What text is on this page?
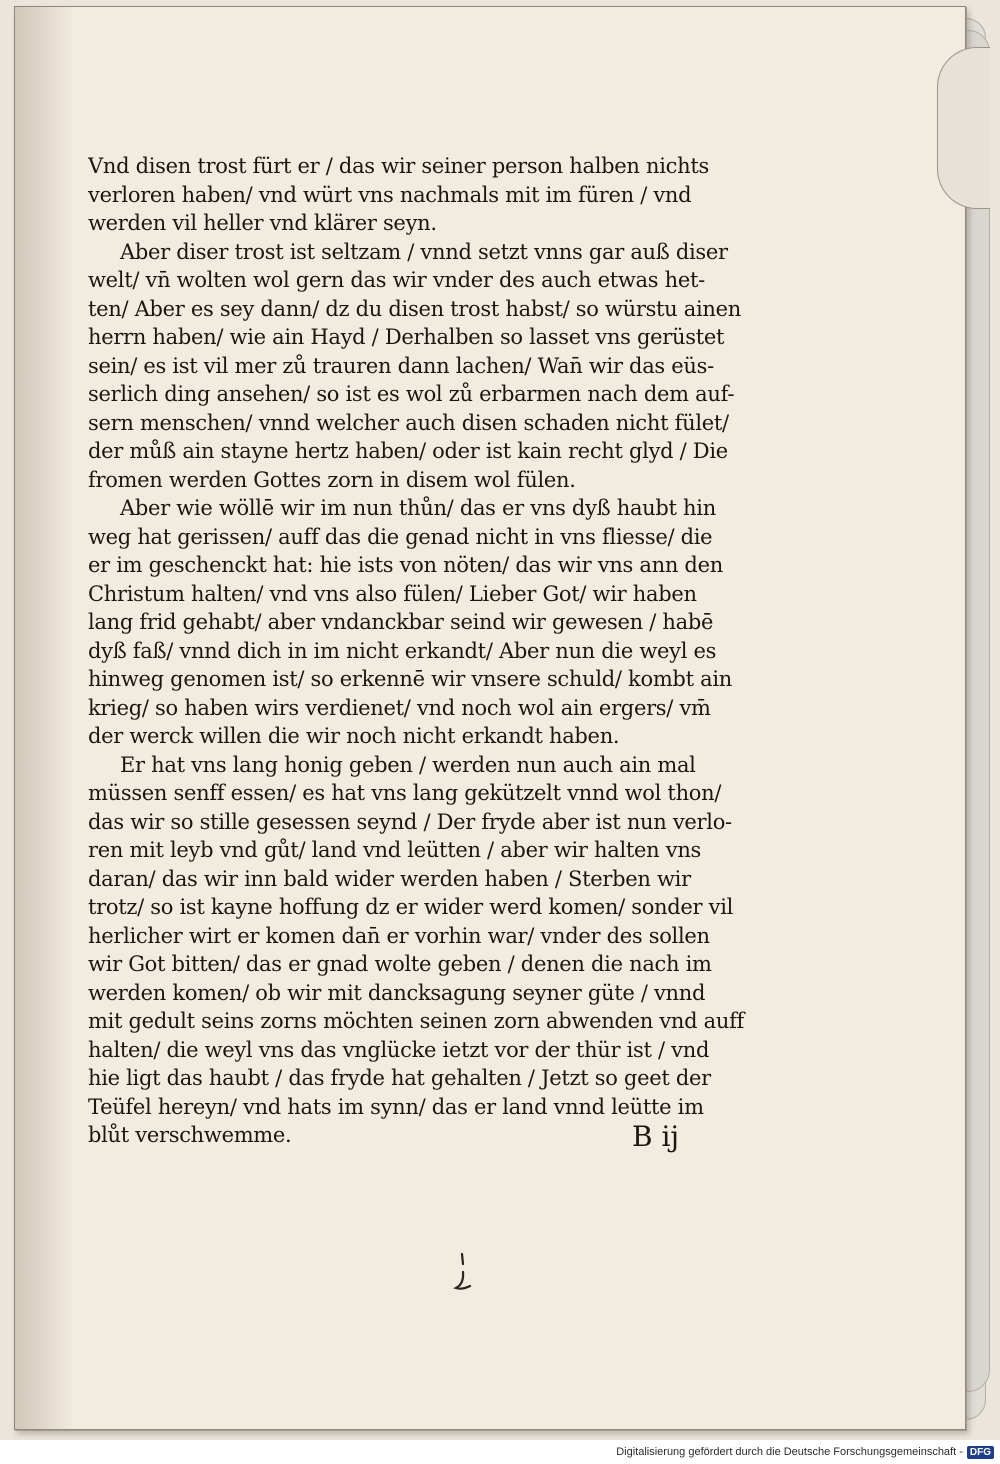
Vnd disen trost fürt er / das wir seiner person halben nichts
verloren haben/ vnd würt vns nachmals mit im füren / vnd
werden vil heller vnd klärer seyn.
Aber diser trost ist seltzam / vnnd setzt vnns gar auß diser
welt/ vn̄ wolten wol gern das wir vnder des auch etwas het-
ten/ Aber es sey dann/ dz du disen trost habst/ so würstu ainen
herrn haben/ wie ain Hayd / Derhalben so lasset vns gerüstet
sein/ es ist vil mer zů trauren dann lachen/ Wan̄ wir das eüs-
serlich ding ansehen/ so ist es wol zů erbarmen nach dem auf-
sern menschen/ vnnd welcher auch disen schaden nicht fület/
der můß ain stayne hertz haben/ oder ist kain recht glyd / Die
fromen werden Gottes zorn in disem wol fülen.
Aber wie wöllē wir im nun thůn/ das er vns dyß haubt hin
weg hat gerissen/ auff das die genad nicht in vns fliesse/ die
er im geschenckt hat: hie ists von nöten/ das wir vns ann den
Christum halten/ vnd vns also fülen/ Lieber Got/ wir haben
lang frid gehabt/ aber vndanckbar seind wir gewesen / habē
dyß faß/ vnnd dich in im nicht erkandt/ Aber nun die weyl es
hinweg genomen ist/ so erkennē wir vnsere schuld/ kombt ain
krieg/ so haben wirs verdienet/ vnd noch wol ain ergers/ vm̄
der werck willen die wir noch nicht erkandt haben.
Er hat vns lang honig geben / werden nun auch ain mal
müssen senff essen/ es hat vns lang gekützelt vnnd wol thon/
das wir so stille gesessen seynd / Der fryde aber ist nun verlo-
ren mit leyb vnd gůt/ land vnd leütten / aber wir halten vns
daran/ das wir inn bald wider werden haben / Sterben wir
trotz/ so ist kayne hoffung dz er wider werd komen/ sonder vil
herlicher wirt er komen dan̄ er vorhin war/ vnder des sollen
wir Got bitten/ das er gnad wolte geben / denen die nach im
werden komen/ ob wir mit dancksagung seyner güte / vnnd
mit gedult seins zorns möchten seinen zorn abwenden vnd auff
halten/ die weyl vns das vnglücke ietzt vor der thür ist / vnd
hie ligt das haubt / das fryde hat gehalten / Jetzt so geet der
Teüfel hereyn/ vnd hats im synn/ das er land vnnd leütte im
blůt verschwemme.	B ij
Digitalisierung gefördert durch die Deutsche Forschungsgemeinschaft - DFG
